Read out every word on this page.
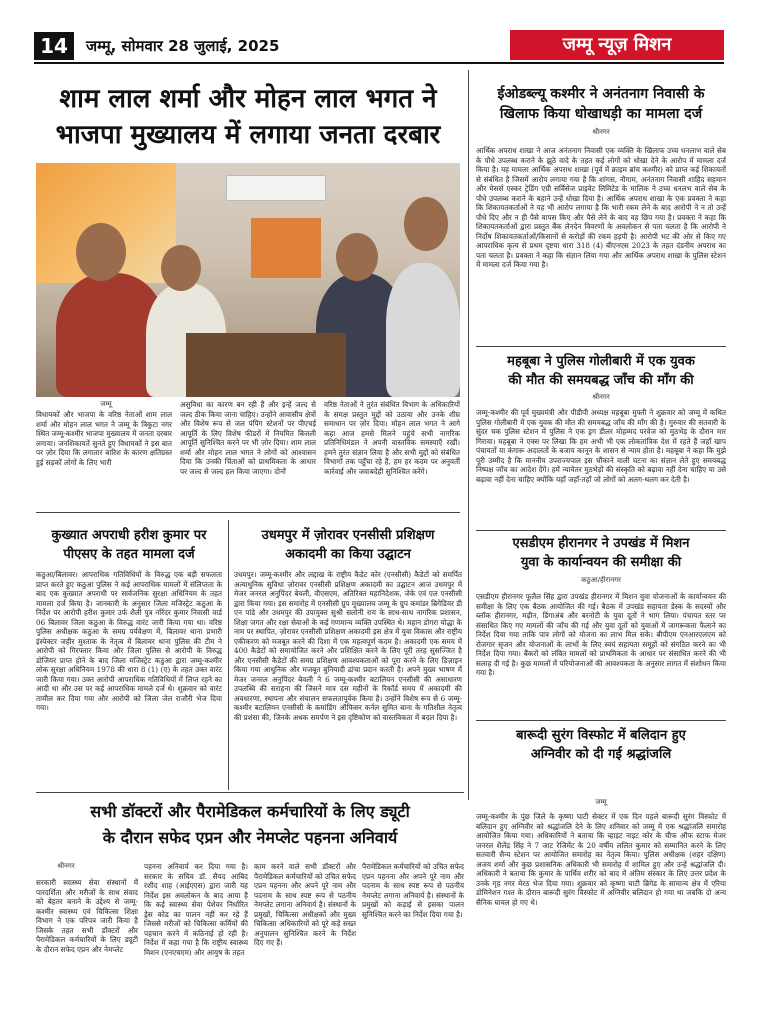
14	जम्मू, सोमवार 28 जुलाई, 2025	जम्मू न्यूज़ मिशन
शाम लाल शर्मा और मोहन लाल भगत ने
भाजपा मुख्यालय में लगाया जनता दरबार
जम्मू
विधायकों और भाजपा के वरिष्ठ नेताओं शाम लाल शर्मा और मोहन लाल भगत ने जम्मू के त्रिकुटा नगर स्थित जम्मू-कश्मीर भाजपा मुख्यालय में जनता दरबार लगाया। जनशिकायतें सुनते हुए विधायकों ने इस बात पर ज़ोर दिया कि लगातार बारिश के कारण क्षतिग्रस्त हुई सड़कों लोगों के लिए भारी
असुविधा का कारण बन रही हैं और इन्हें जल्द से जल्द ठीक किया जाना चाहिए। उन्होंने आवासीय क्षेत्रों और विशेष रूप से जल पंपिंग स्टेशनों पर पीएचई आपूर्ति के लिए विशेष फीडरों में नियमित बिजली आपूर्ति सुनिश्चित करने पर भी ज़ोर दिया। शाम लाल शर्मा और मोहन लाल भगत ने लोगों को आश्वासन दिया कि उनकी चिंताओं को प्राथमिकता के आधार पर जल्द से जल्द हल किया जाएगा। दोनों
वरिष्ठ नेताओं ने तुरंत संबंधित विभाग के अधिकारियों के समक्ष प्रस्तुत मुद्दों को उठाया और उनके शीघ्र समाधान पर ज़ोर दिया। मोहन लाल भगत ने आगे कहा आज हमसे मिलने पहुंचे सभी नागरिक प्रतिनिधिमंडल ने अपनी वास्तविक समस्याएँ रखीं। हमने तुरंत संज्ञान लिया है और सभी मुद्दों को संबंधित विभागों तक पहुँचा रहे हैं, हम हर कदम पर अनुवर्ती कार्रवाई और जवाबदेही सुनिश्चित करेंगे।
ईओडब्ल्यू कश्मीर ने अनंतनाग निवासी के
खिलाफ किया धोखाधड़ी का मामला दर्ज
श्रीनगर
आर्थिक अपराध शाखा ने आज अनंतनाग निवासी एक व्यक्ति के खिलाफ उच्च धनलाभ वाले सेब के पौधे उपलब्ध कराने के झूठे वादे के तहत कई लोगों को धोखा देने के आरोप में मामला दर्ज किया है। यह मामला आर्थिक अपराध शाखा (पूर्व में क्राइम ब्रांच कश्मीर) को प्राप्त कई शिकायतों से संबंधित है जिसमें आरोप लगाया गया है कि शांगस, नौगाम, अनंतनाग निवासी शाहिद सहमान और मेसर्स एस्कर ट्रेडिंग एग्री सर्विसेज प्राइवेट लिमिटेड के मालिक ने उच्च धनलभ वाले सेब के पौधे उपलब्ध कराने के बहाने उन्हें धोखा दिया है। आर्थिक अपराध शाखा के एक प्रवक्ता ने कहा कि शिकायतकर्ताओं ने यह भी आरोप लगाया है कि भारी रकम लेने के बाद आरोपी ने न तो उन्हें पौधे दिए और न ही पैसे वापस किए और पैसे लेने के बाद वह छिप गया है। प्रवक्ता ने कहा कि शिकायतकर्ताओं द्वारा प्रस्तुत बैंक लेनदेन विवरणों के अवलोकन से पता चलता है कि आरोपी ने निर्दोष शिकायतकर्ताओं/किसानों से करोड़ों की रकम हड़पी है। आरोपी भट की ओर से किए गए आपराधिक कृत्य से प्रथम दृष्टया धारा 318 (4) बीएनएस 2023 के तहत दंडनीय अपराध का पता चलता है। प्रवक्ता ने कहा कि संज्ञान लिया गया और आर्थिक अपराध शाखा के पुलिस स्टेशन में मामला दर्ज किया गया है।
महबूबा ने पुलिस गोलीबारी में एक युवक
की मौत की समयबद्ध जाँच की माँग की
श्रीनगर
जम्मू-कश्मीर की पूर्व मुख्यमंत्री और पीडीपी अध्यक्ष महबूबा मुफ्ती ने शुक्रवार को जम्मू में कथित पुलिस गोलीबारी में एक युवक की मौत की समयबद्ध जाँच की माँग की है। गुरुवार की सतवारी के सुंदर चक पुलिस स्टेशन में पुलिस ने एक ड्रग डीलर मोहम्मद परवेज को मुठभेड़ के दौरान मार गिराया। महबूबा ने एक्स पर लिखा कि हम अभी भी एक लोकतांत्रिक देश में रहते हैं जहाँ खाप पंचायतों या कंगारू अदालतों के बजाय कानून के शासन से न्याय होता है। महबूबा ने कहा कि मुझे पूरी उम्मीद है कि माननीय उपराज्यपाल इस चौंकाने वाली घटना का संज्ञान लेते हुए समयबद्ध निष्पक्ष जाँच का आदेश देंगे। हमें न्यायेतर मुठभेड़ों की संस्कृति को बढ़ावा नहीं देना चाहिए या उसे बढ़ावा नहीं देना चाहिए क्योंकि यहाँ जहाँ-तहाँ जो लोगों को अलग-थलग कर देती है।
एसडीएम हीरानगर ने उपखंड में मिशन
युवा के कार्यान्वयन की समीक्षा की
कठुआ/हीरानगर
एसडीएम हीरानगर फूलैल सिंह द्वारा उपखंड हीरानगर में मिशन युवा योजनाओं के कार्यान्वयन की समीक्षा के लिए एक बैठक आयोजित की गई। बैठक में उपखंड सहायता डेस्क के सदस्यों और ब्लॉक हीरानगर, मढ़ीन, डिंगाअंब और बरनोटी के युवा दूतों ने भाग लिया। पंचायत स्तर पर संसाधित किए गए मामलों की जाँच की गई और युवा दूतों को युवाओं में जागरूकता फैलाने का निर्देश दिया गया ताकि पात्र लोगों को योजना का लाभ मिल सके। बीपीएम एनआरएलएम को रोजगार सृजन और योजनाओं के लाभों के लिए स्वयं सहायता समूहों को संगठित करने का भी निर्देश दिया गया। बैंकरों को लंबित मामलों को प्राथमिकता के आधार पर संसाधित करने की भी सलाह दी गई है। कुछ मामलों में परियोजनाओं की आवश्यकता के अनुसार लागत में संशोधन किया गया है।
बारूदी सुरंग विस्फोट में बलिदान हुए
अग्निवीर को दी गई श्रद्धांजलि
जम्मू
जम्मू-कश्मीर के पुंछ जिले के कृष्णा घाटी सेक्टर में एक दिन पहले बारूदी सुरंग विस्फोट में बलिदान हुए अग्निवीर को श्रद्धांजलि देने के लिए शनिवार को जम्मू में एक श्रद्धांजलि समारोह आयोजित किया गया। अधिकारियों ने बताया कि व्हाइट नाइट कोर के चीफ ऑफ स्टाफ मेजर जनरल शैलेंद्र सिंह ने 7 जाट रेजिमेंट के 20 वर्षीय ललित कुमार को सम्मानित करने के लिए सतवारी सैन्य स्टेशन पर आयोजित समारोह का नेतृत्व किया। पुलिस अधीक्षक (शहर दक्षिण) अजय शर्मा और कुछ प्रशासनिक अधिकारी भी समारोह में शामिल हुए और उन्हें श्रद्धांजलि दी। अधिकारी ने बताया कि कुमार के पार्थिव शरीर को बाद में अंतिम संस्कार के लिए उत्तर प्रदेश के उनके गृह नगर मेरठ भेज दिया गया। शुक्रवार को कृष्णा घाटी ब्रिगेड के सामान्य क्षेत्र में एरिया डोमिनेशन गश्त के दौरान बारूदी सुरंग विस्फोट में अग्निवीर बलिदान हो गया था जबकि दो अन्य सैनिक घायल हो गए थे।
कुख्यात अपराधी हरीश कुमार पर
पीएसए के तहत मामला दर्ज
कठुआ/बिलावर। आपराधिक गतिविधियों के विरुद्ध एक बड़ी सफलता प्राप्त करते हुए कठुआ पुलिस ने कई आपराधिक मामलों में संलिप्तता के बाद एक कुख्यात अपराधी पर सार्वजनिक सुरक्षा अधिनियम के तहत मामला दर्ज किया है। जानकारी के अनुसार जिला मजिस्ट्रेट कठुआ के निर्देश पर आरोपी हरीश कुमार उर्फ शैली पुत्र नरिंदर कुमार निवासी वार्ड 06 बिलावर जिला कठुआ के विरुद्ध वारंट जारी किया गया था। वरिष्ठ पुलिस अधीक्षक कठुआ के समग्र पर्यवेक्षण में, बिलावर थाना प्रभारी इंस्पेक्टर जहीर मुश्ताक के नेतृत्व में बिलावर थाना पुलिस की टीम ने आरोपी को गिरफ्तार किया और जिला पुलिस से आरोपी के विरुद्ध डोजियर प्राप्त होने के बाद जिला मजिस्ट्रेट कठुआ द्वारा जम्मू-कश्मीर लोक सुरक्षा अधिनियम 1978 की धारा 8 (1) (ए) के तहत उक्त वारंट जारी किया गया। उक्त आरोपी आपराधिक गतिविधियों में लिप्त रहने का आदी था और उस पर कई आपराधिक मामले दर्ज थे। शुक्रवार को वारंट तामील कर दिया गया और आरोपी को जिला जेल राजौरी भेज दिया गया।
उधमपुर में ज़ोरावर एनसीसी प्रशिक्षण
अकादमी का किया उद्घाटन
उधमपुर। जम्मू-कश्मीर और लद्दाख के राष्ट्रीय कैडेट कोर (एनसीसी) कैडेटों को समर्पित अत्याधुनिक सुविधा ज़ोरावर एनसीसी प्रशिक्षण अकादमी का उद्घाटन आज उधमपुर में मेजर जनरल अनुपिंदर बेवली, वीएसएम, अतिरिक्त महानिदेशक, जेके एवं एल एनसीसी द्वारा किया गया। इस समारोह में एनसीसी ग्रुप मुख्यालय जम्मू के ग्रुप कमांडर ब्रिगेडियर डी एन पांडे और उधमपुर की उपायुक्त सुश्री सलोनी राय के साथ-साथ नागरिक प्रशासन, शिक्षा जगत और रक्षा सेवाओं के कई गणमान्य व्यक्ति उपस्थित थे। महान डोगरा योद्धा के नाम पर स्थापित, ज़ोरावर एनसीसी प्रशिक्षण अकादमी इस क्षेत्र में युवा विकास और राष्ट्रीय एकीकरण को मजबूत करने की दिशा में एक महत्वपूर्ण कदम है। अकादमी एक समय में 400 कैडेटों को समायोजित करने और प्रशिक्षित करने के लिए पूरी तरह सुसज्जित है और एनसीसी कैडेटों की समग्र प्रशिक्षण आवश्यकताओं को पूरा करने के लिए डिज़ाइन किया गया आधुनिक और मजबूत बुनियादी ढांचा प्रदान करती है। अपने मुख्य भाषण में मेजर जनरल अनुपिंदर बेवली ने 6 जम्मू-कश्मीर बटालियन एनसीसी की असाधारण उपलब्धि की सराहना की जिसने मात्र दस महीनों के रिकॉर्ड समय में अकादमी की अवधारणा, स्थापना और संचालन सफलतापूर्वक किया है। उन्होंने विशेष रूप से 6 जम्मू-कश्मीर बटालियन एनसीसी के कमांडिंग ऑफिसर कर्नल सुमित बाना के गतिशील नेतृत्व की प्रशंसा की, जिनके अथक समर्पण ने इस दृष्टिकोण को वास्तविकता में बदल दिया है।
सभी डॉक्टरों और पैरामेडिकल कर्मचारियों के लिए ड्यूटी
के दौरान सफेद एप्रन और नेमप्लेट पहनना अनिवार्य
श्रीनगर
सरकारी स्वास्थ्य सेवा संस्थानों में पारदर्शिता और मरीजों के साथ संवाद को बेहतर बनाने के उद्देश्य से जम्मू-कश्मीर स्वास्थ्य एवं चिकित्सा शिक्षा विभाग ने एक परिपत्र जारी किया है जिसके तहत सभी डॉक्टरों और पैरामेडिकल कर्मचारियों के लिए ड्यूटी के दौरान सफेद एप्रन और नेमप्लेट
पहनना अनिवार्य कर दिया गया है। सरकार के सचिव डॉ. सैयद आबिद रशीद शाह (आईएएस) द्वारा जारी यह निर्देश इस अवलोकन के बाद आया है कि कई स्वास्थ्य सेवा पेशेवर निर्धारित ड्रेस कोड का पालन नहीं कर रहे हैं जिससे मरीजों को चिकित्सा कर्मियों की पहचान करने में कठिनाई हो रही है। निर्देश में कहा गया है कि राष्ट्रीय स्वास्थ्य मिशन (एनएचएम) और आयुष के तहत
काम करने वाले सभी डॉक्टरों और पैरामेडिकल कर्मचारियों को उचित सफेद एप्रन पहनना और अपने पूरे नाम और पदनाम के साथ स्पष्ट रूप से पठनीय नेमप्लेट लगाना अनिवार्य है। संस्थानों के प्रमुखों, चिकित्सा अधीक्षकों और मुख्य चिकित्सा अधिकारियों को पूरे कड़े सख्त अनुपालन सुनिश्चित करने के निर्देश दिए गए हैं।
पैरामेडिकल कर्मचारियों को उचित सफेद एप्रन पहनना और अपने पूरे नाम और पदनाम के साथ स्पष्ट रूप से पठनीय नेमप्लेट लगाना अनिवार्य है। संस्थानों के प्रमुखों को कड़ाई से इसका पालन सुनिश्चित करने का निर्देश दिया गया है।
